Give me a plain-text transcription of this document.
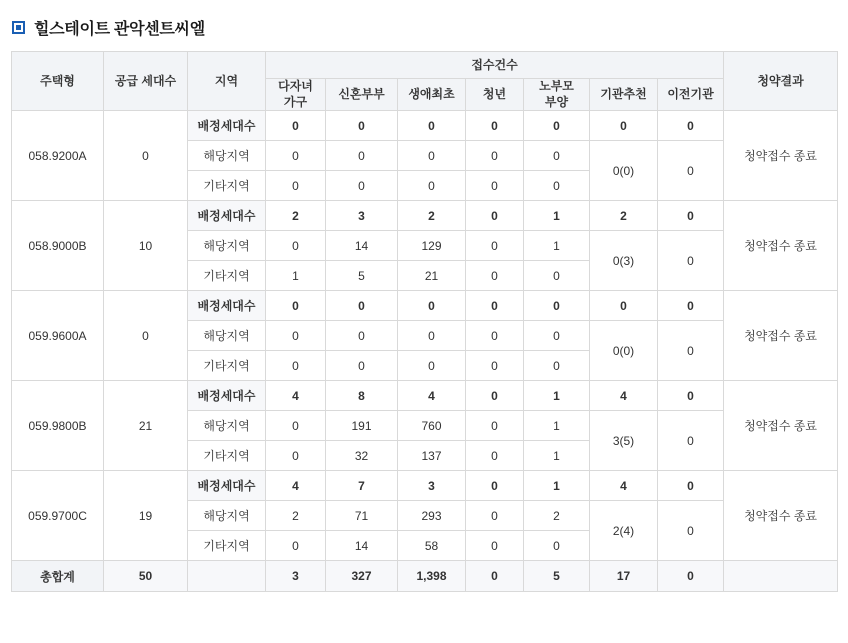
힐스테이트 관악센트씨엘
주택형	공급 세대수	지역	접수건수							청약결과

			다자녀
가구	신혼부부	생애최초	청년	노부모
부양	기관추천	이전기관	
058.9200A	0	배정세대수	0	0	0	0	0	0	0	청약접수 종료
		해당지역	0	0	0	0	0	0(0)	0	
		기타지역	0	0	0	0	0			
058.9000B	10	배정세대수	2	3	2	0	1	2	0	청약접수 종료
		해당지역	0	14	129	0	1	0(3)	0	
		기타지역	1	5	21	0	0			
059.9600A	0	배정세대수	0	0	0	0	0	0	0	청약접수 종료
		해당지역	0	0	0	0	0	0(0)	0	
		기타지역	0	0	0	0	0			
059.9800B	21	배정세대수	4	8	4	0	1	4	0	청약접수 종료
		해당지역	0	191	760	0	1	3(5)	0	
		기타지역	0	32	137	0	1			
059.9700C	19	배정세대수	4	7	3	0	1	4	0	청약접수 종료
		해당지역	2	71	293	0	2	2(4)	0	
		기타지역	0	14	58	0	0			
총합계	50		3	327	1,398	0	5	17	0	
